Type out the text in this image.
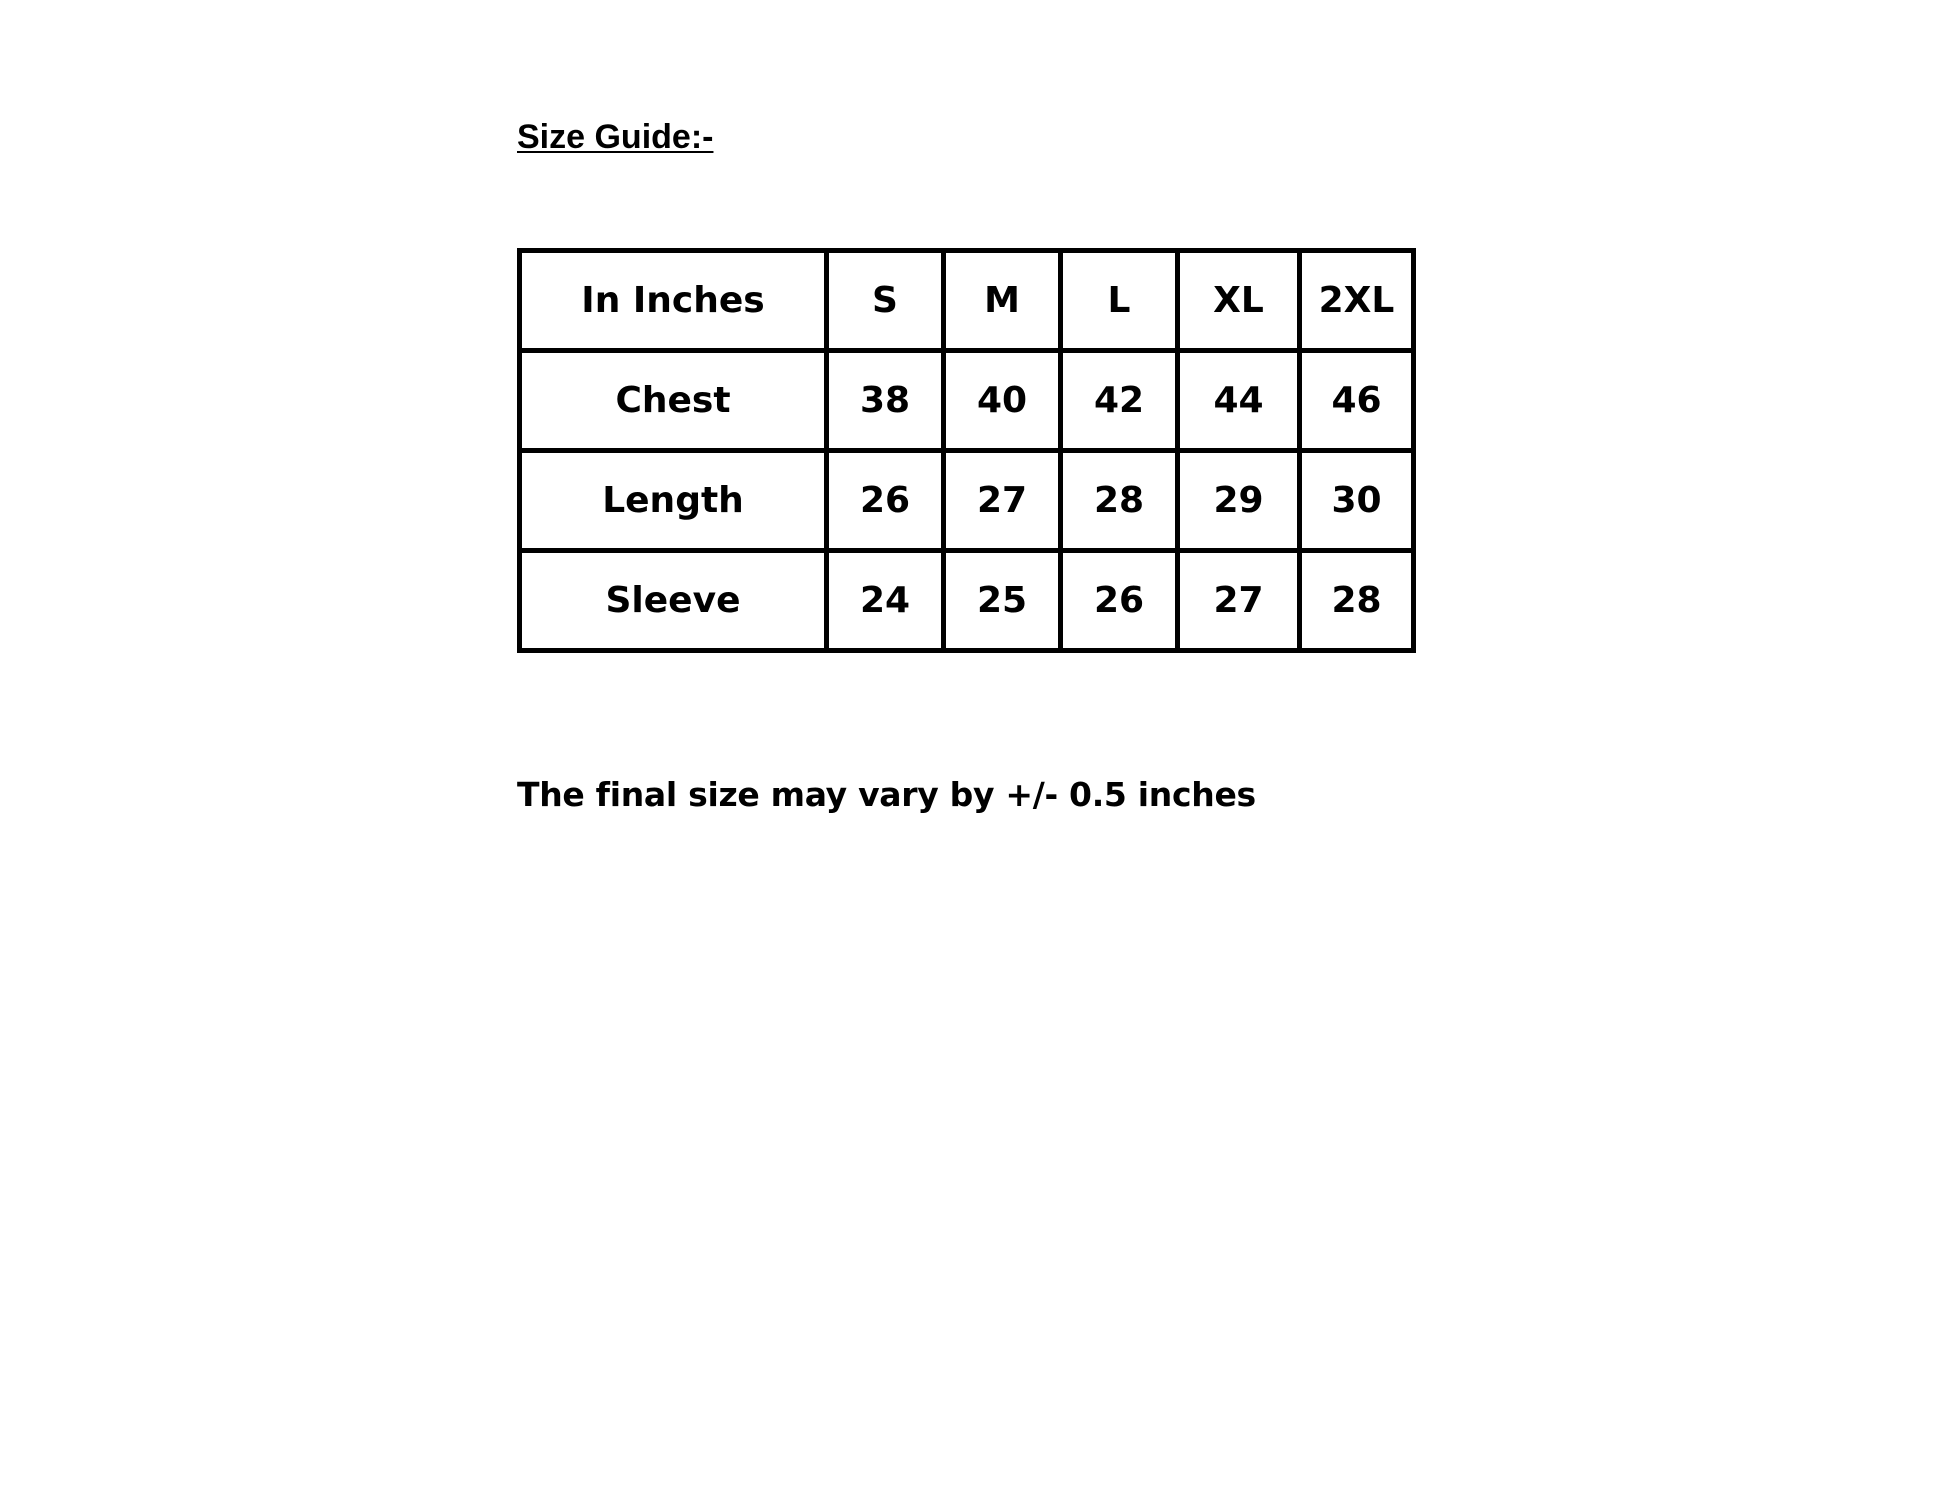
Size Guide:-
In Inches	S	M	L	XL	2XL
Chest	38	40	42	44	46
Length	26	27	28	29	30
Sleeve	24	25	26	27	28
The final size may vary by +/- 0.5 inches
